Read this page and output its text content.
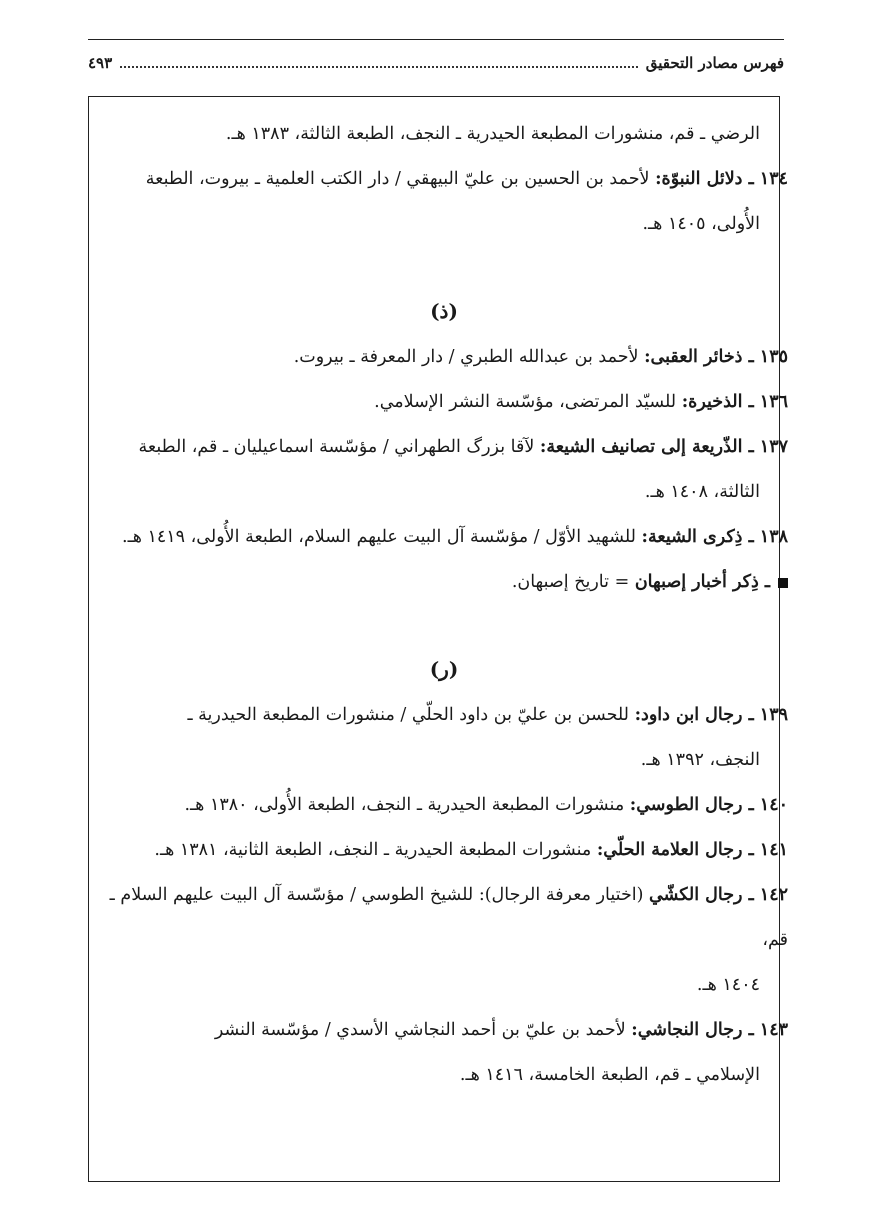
فهرس مصادر التحقيق
٤٩٣

الرضي ـ قم، منشورات المطبعة الحيدرية ـ النجف، الطبعة الثالثة، ١٣٨٣ هـ.

١٣٤ ـ دلائل النبوّة: لأحمد بن الحسين بن عليّ البيهقي / دار الكتب العلمية ـ بيروت، الطبعة

الأُولى، ١٤٠٥ هـ.

(ذ)

١٣٥ ـ ذخائر العقبى: لأحمد بن عبدالله الطبري / دار المعرفة ـ بيروت.

١٣٦ ـ الذخيرة: للسيّد المرتضى، مؤسّسة النشر الإسلامي.

١٣٧ ـ الذّريعة إلى تصانيف الشيعة: لآقا بزرگ الطهراني / مؤسّسة اسماعيليان ـ قم، الطبعة

الثالثة، ١٤٠٨ هـ.

١٣٨ ـ ذِكرى الشيعة: للشهيد الأوّل / مؤسّسة آل البيت عليهم السلام، الطبعة الأُولى، ١٤١٩ هـ.

ـ ذِكر أخبار إصبهان = تاريخ إصبهان.

(ر)

١٣٩ ـ رجال ابن داود: للحسن بن عليّ بن داود الحلّي / منشورات المطبعة الحيدرية ـ

النجف، ١٣٩٢ هـ.

١٤٠ ـ رجال الطوسي: منشورات المطبعة الحيدرية ـ النجف، الطبعة الأُولى، ١٣٨٠ هـ.

١٤١ ـ رجال العلامة الحلّي: منشورات المطبعة الحيدرية ـ النجف، الطبعة الثانية، ١٣٨١ هـ.

١٤٢ ـ رجال الكشّي (اختيار معرفة الرجال): للشيخ الطوسي / مؤسّسة آل البيت عليهم السلام ـ قم،

١٤٠٤ هـ.

١٤٣ ـ رجال النجاشي: لأحمد بن عليّ بن أحمد النجاشي الأسدي / مؤسّسة النشر

الإسلامي ـ قم، الطبعة الخامسة، ١٤١٦ هـ.
